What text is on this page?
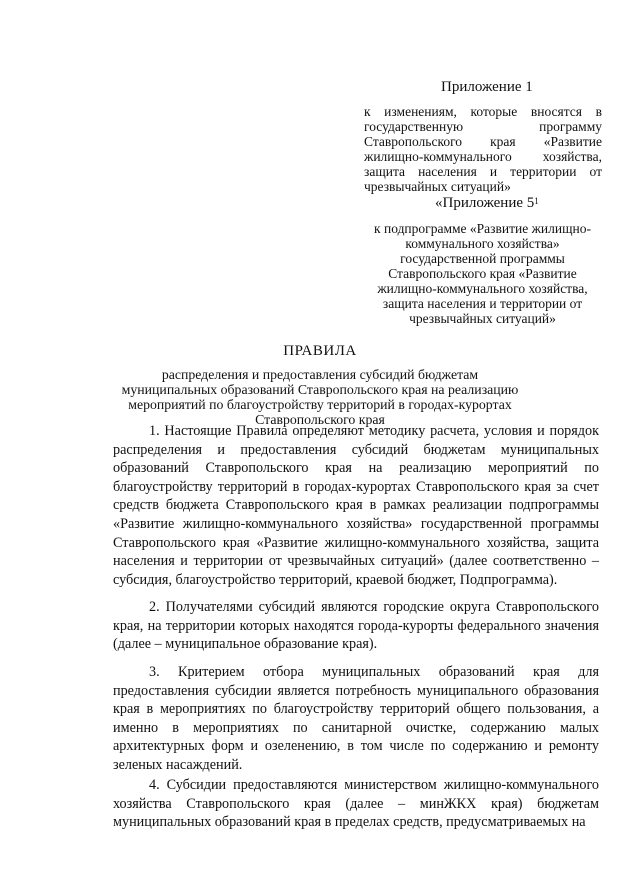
Приложение 1
к изменениям, которые вносятся в государственную программу Ставропольского края «Развитие жилищно-коммунального хозяйства, защита населения и территории от чрезвычайных ситуаций»
«Приложение $5^1$
к подпрограмме «Развитие жилищно-коммунального хозяйства» государственной программы Ставропольского края «Развитие жилищно-коммунального хозяйства, защита населения и территории от чрезвычайных ситуаций»
ПРАВИЛА
распределения и предоставления субсидий бюджетам муниципальных образований Ставропольского края на реализацию мероприятий по благоустройству территорий в городах-курортах Ставропольского края

1. Настоящие Правила определяют методику расчета, условия и порядок распределения и предоставления субсидий бюджетам муниципальных образований Ставропольского края на реализацию мероприятий по благоустройству территорий в городах-курортах Ставропольского края за счет средств бюджета Ставропольского края в рамках реализации подпрограммы «Развитие жилищно-коммунального хозяйства» государственной программы Ставропольского края «Развитие жилищно-коммунального хозяйства, защита населения и территории от чрезвычайных ситуаций» (далее соответственно – субсидия, благоустройство территорий, краевой бюджет, Подпрограмма).

2. Получателями субсидий являются городские округа Ставропольского края, на территории которых находятся города-курорты федерального значения (далее – муниципальное образование края).

3. Критерием отбора муниципальных образований края для предоставления субсидии является потребность муниципального образования края в мероприятиях по благоустройству территорий общего пользования, а именно в мероприятиях по санитарной очистке, содержанию малых архитектурных форм и озеленению, в том числе по содержанию и ремонту зеленых насаждений.

4. Субсидии предоставляются министерством жилищно-коммунального хозяйства Ставропольского края (далее – минЖКХ края) бюджетам муниципальных образований края в пределах средств, предусматриваемых на
